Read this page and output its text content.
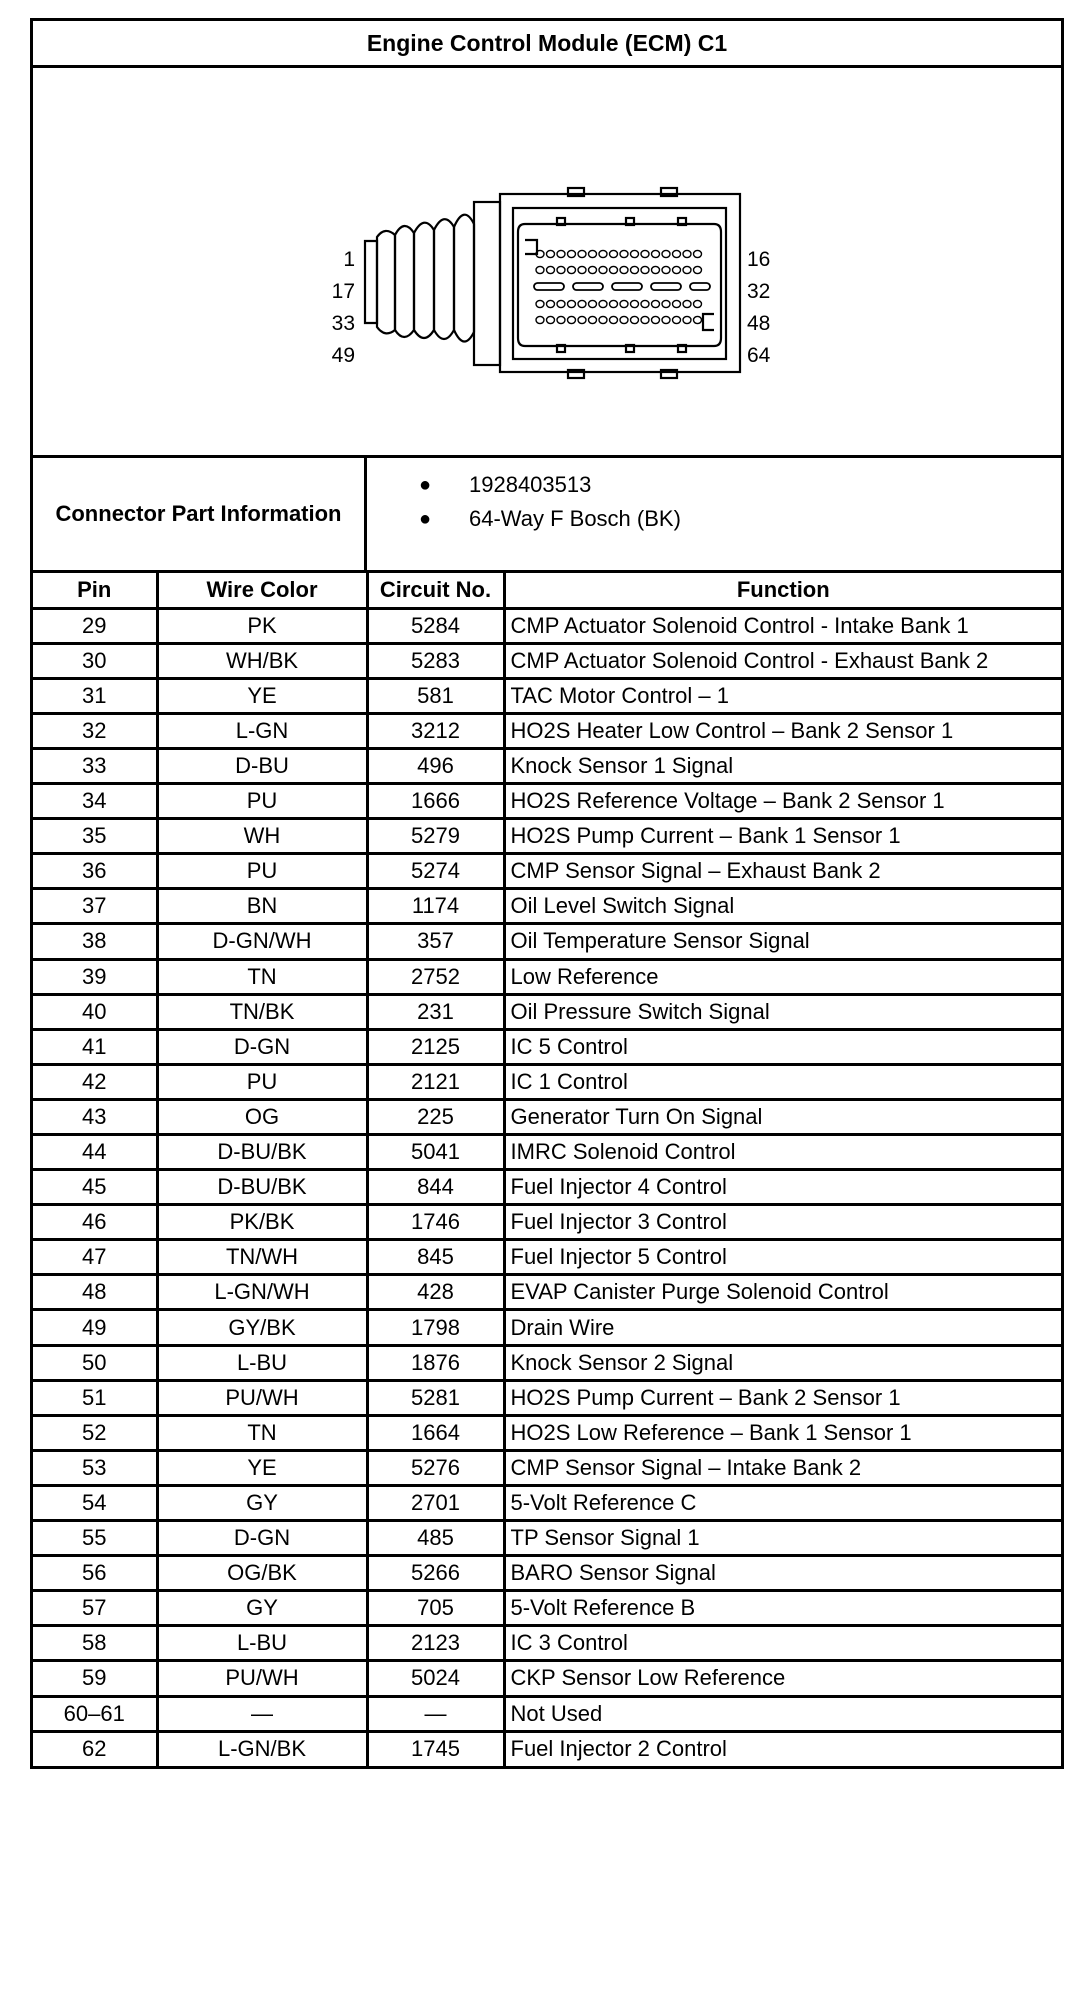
Engine Control Module (ECM) C1
1
17
33
49
16
32
48
64
Connector Part Information
● 1928403513
● 64-Way F Bosch (BK)
Pin	Wire Color	Circuit No.	Function
29	PK	5284	CMP Actuator Solenoid Control - Intake Bank 1
30	WH/BK	5283	CMP Actuator Solenoid Control - Exhaust Bank 2
31	YE	581	TAC Motor Control – 1
32	L-GN	3212	HO2S Heater Low Control – Bank 2 Sensor 1
33	D-BU	496	Knock Sensor 1 Signal
34	PU	1666	HO2S Reference Voltage – Bank 2 Sensor 1
35	WH	5279	HO2S Pump Current – Bank 1 Sensor 1
36	PU	5274	CMP Sensor Signal – Exhaust Bank 2
37	BN	1174	Oil Level Switch Signal
38	D-GN/WH	357	Oil Temperature Sensor Signal
39	TN	2752	Low Reference
40	TN/BK	231	Oil Pressure Switch Signal
41	D-GN	2125	IC 5 Control
42	PU	2121	IC 1 Control
43	OG	225	Generator Turn On Signal
44	D-BU/BK	5041	IMRC Solenoid Control
45	D-BU/BK	844	Fuel Injector 4 Control
46	PK/BK	1746	Fuel Injector 3 Control
47	TN/WH	845	Fuel Injector 5 Control
48	L-GN/WH	428	EVAP Canister Purge Solenoid Control
49	GY/BK	1798	Drain Wire
50	L-BU	1876	Knock Sensor 2 Signal
51	PU/WH	5281	HO2S Pump Current – Bank 2 Sensor 1
52	TN	1664	HO2S Low Reference – Bank 1 Sensor 1
53	YE	5276	CMP Sensor Signal – Intake Bank 2
54	GY	2701	5-Volt Reference C
55	D-GN	485	TP Sensor Signal 1
56	OG/BK	5266	BARO Sensor Signal
57	GY	705	5-Volt Reference B
58	L-BU	2123	IC 3 Control
59	PU/WH	5024	CKP Sensor Low Reference
60–61	—	—	Not Used
62	L-GN/BK	1745	Fuel Injector 2 Control
